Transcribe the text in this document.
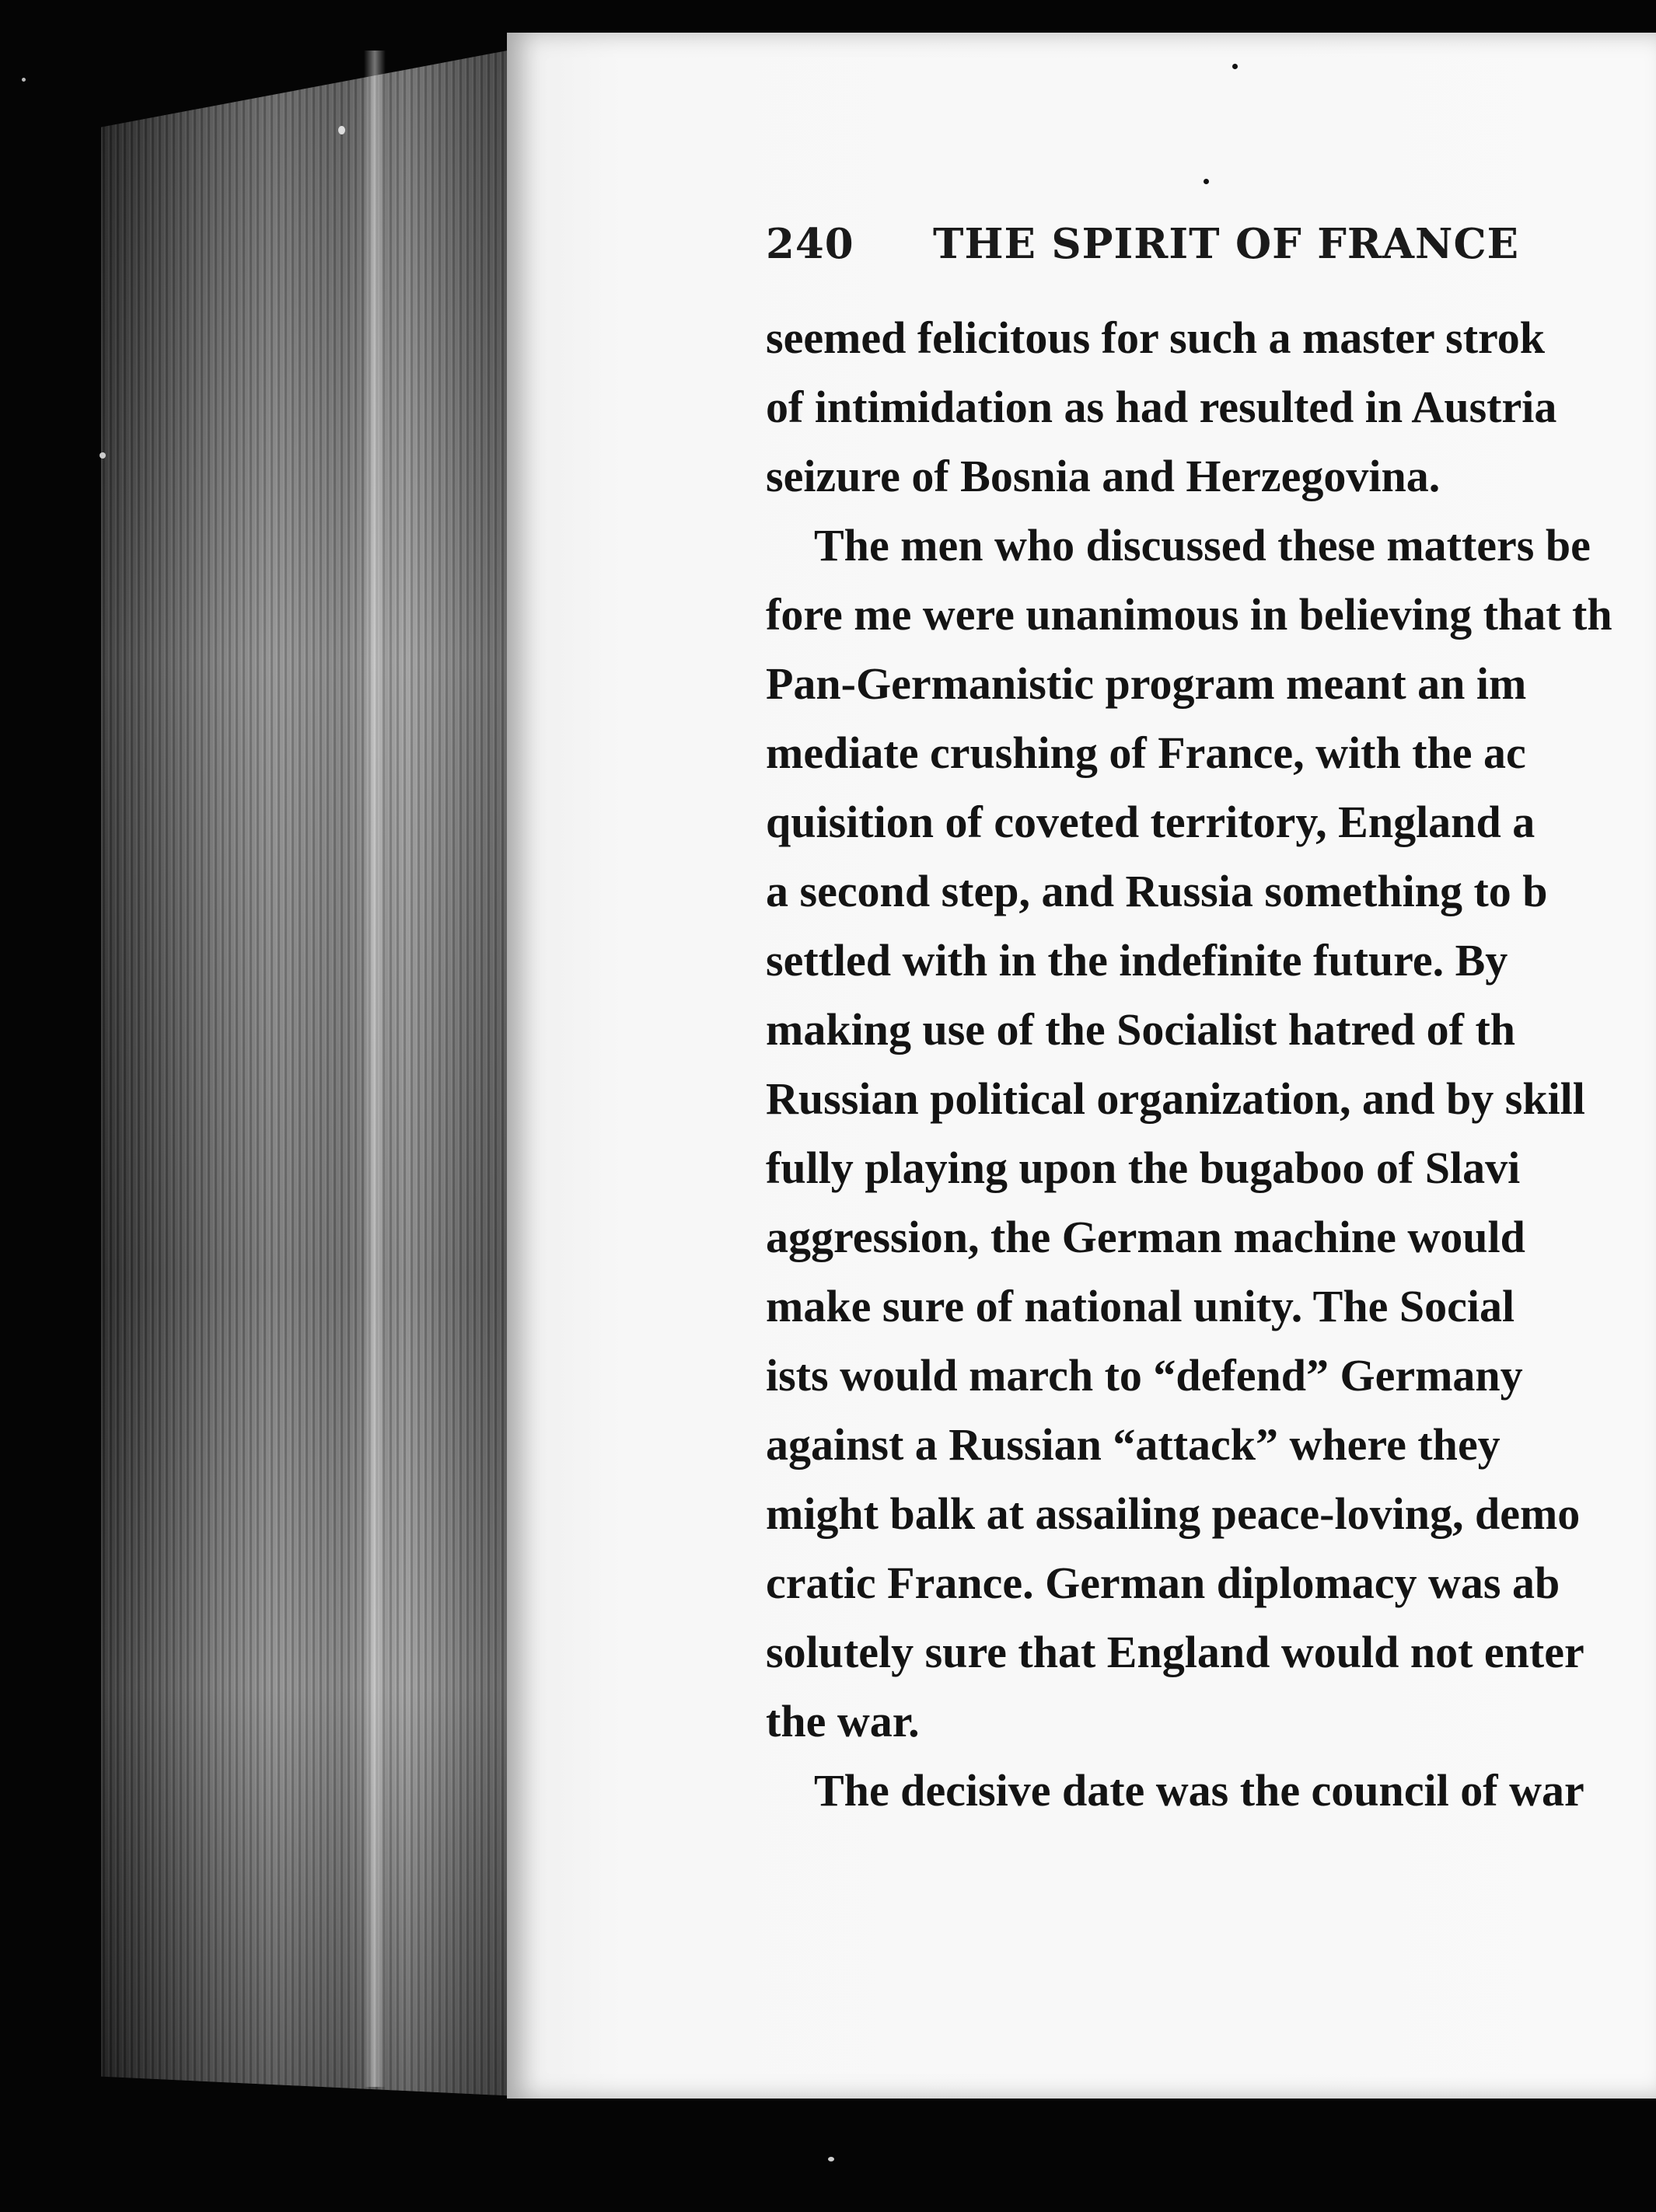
240 THE SPIRIT OF FRANCE
seemed felicitous for such a master strok
of intimidation as had resulted in Austria
seizure of Bosnia and Herzegovina.
The men who discussed these matters be
fore me were unanimous in believing that th
Pan-Germanistic program meant an im
mediate crushing of France, with the ac
quisition of coveted territory, England a
a second step, and Russia something to b
settled with in the indefinite future. By
making use of the Socialist hatred of th
Russian political organization, and by skill
fully playing upon the bugaboo of Slavi
aggression, the German machine would
make sure of national unity. The Social
ists would march to “defend” Germany
against a Russian “attack” where they
might balk at assailing peace-loving, demo
cratic France. German diplomacy was ab
solutely sure that England would not enter
the war.
The decisive date was the council of war
